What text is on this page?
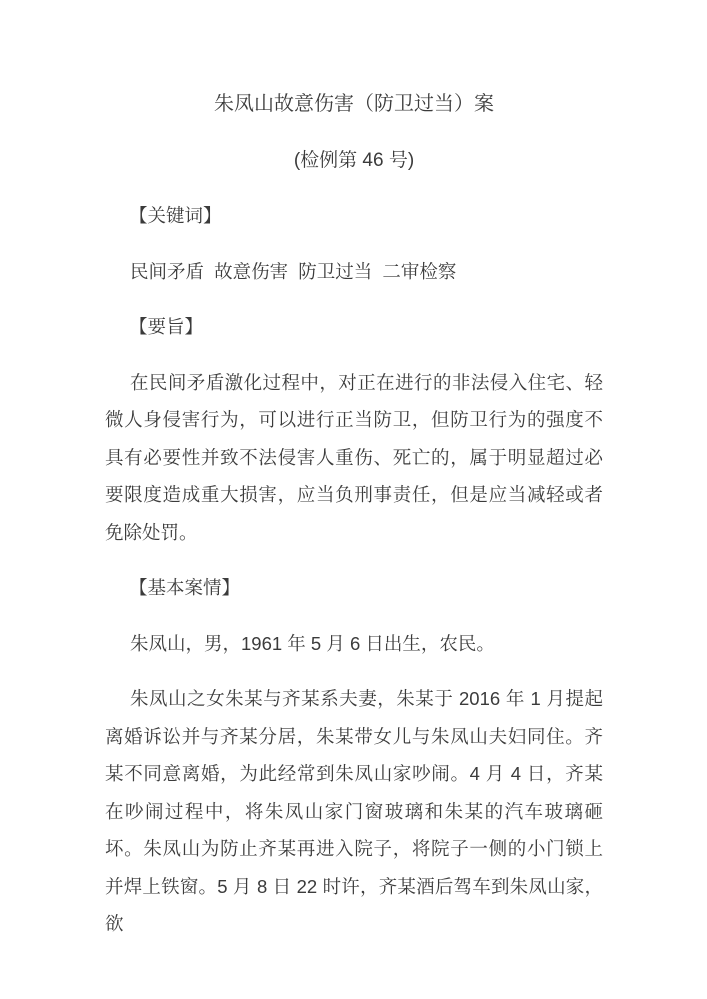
朱凤山故意伤害（防卫过当）案
(检例第 46 号)
【关键词】

民间矛盾 故意伤害 防卫过当 二审检察

【要旨】

在民间矛盾激化过程中，对正在进行的非法侵入住宅、轻微人身侵害行为，可以进行正当防卫，但防卫行为的强度不具有必要性并致不法侵害人重伤、死亡的，属于明显超过必要限度造成重大损害，应当负刑事责任，但是应当减轻或者免除处罚。

【基本案情】

朱凤山，男，1961 年 5 月 6 日出生，农民。

朱凤山之女朱某与齐某系夫妻，朱某于 2016 年 1 月提起离婚诉讼并与齐某分居，朱某带女儿与朱凤山夫妇同住。齐某不同意离婚，为此经常到朱凤山家吵闹。4 月 4 日，齐某在吵闹过程中，将朱凤山家门窗玻璃和朱某的汽车玻璃砸坏。朱凤山为防止齐某再进入院子，将院子一侧的小门锁上并焊上铁窗。5 月 8 日 22 时许，齐某酒后驾车到朱凤山家，欲
